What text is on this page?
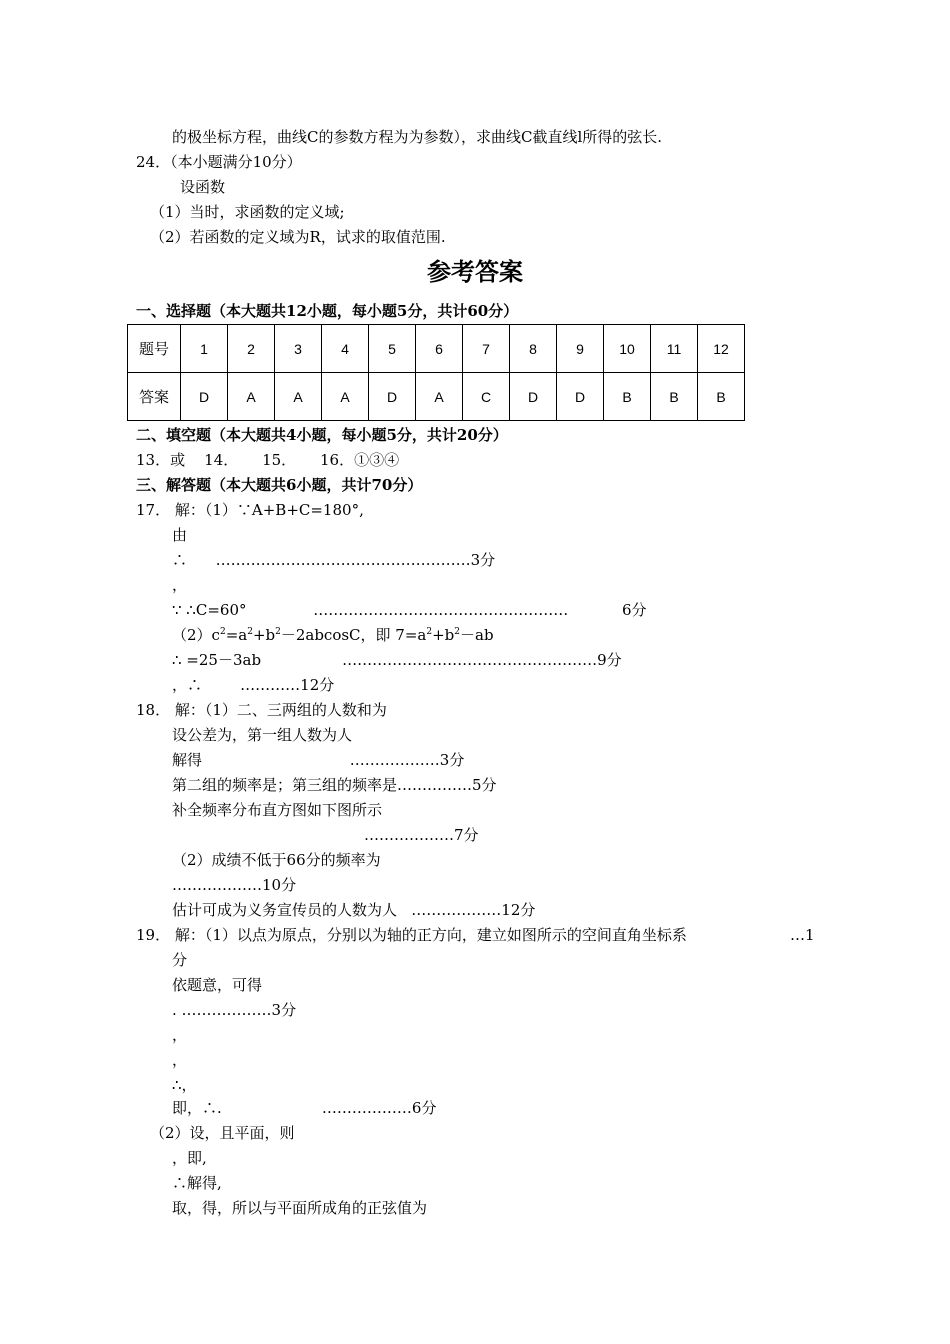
的极坐标方程，曲线C的参数方程为为参数），求曲线C截直线l所得的弦长.
24．（本小题满分10分）
设函数
（1）当时，求函数的定义域;
（2）若函数的定义域为R，试求的取值范围.
参考答案
一、选择题（本大题共12小题，每小题5分，共计60分）
题号	1	2	3	4	5	6	7	8	9	10	11	12
答案	D	A	A	A	D	A	C	D	D	B	B	B
二、填空题（本大题共4小题，每小题5分，共计20分）
13．或    14．     15．     16．①③④
三、解答题（本大题共6小题，共计70分）
17． 解：（1）∵A+B+C=180°,
由
∴      ……………………………………………3分
，
∵ ∴C=60°              ……………………………………………	6分
$(2)c^2=a^2+b^2-2abcosC$，即 $7=a^2+b^2-ab$
∴ =25－3ab                 ……………………………………………9分
，∴        …………12分
18． 解：（1）二、三两组的人数和为
设公差为，第一组人数为人
解得                               ………………3分
第二组的频率是；第三组的频率是……………5分
补全频率分布直方图如下图所示
………………7分
（2）成绩不低于66分的频率为
………………10分
估计可成为义务宣传员的人数为人   ………………12分
19． 解：（1）以点为原点，分别以为轴的正方向，建立如图所示的空间直角坐标系	…1
分
依题意，可得
. ………………3分
，
，
∴，
即，∴.                     ………………6分
（2）设，且平面，则
，即,
∴解得,
取，得，所以与平面所成角的正弦值为
